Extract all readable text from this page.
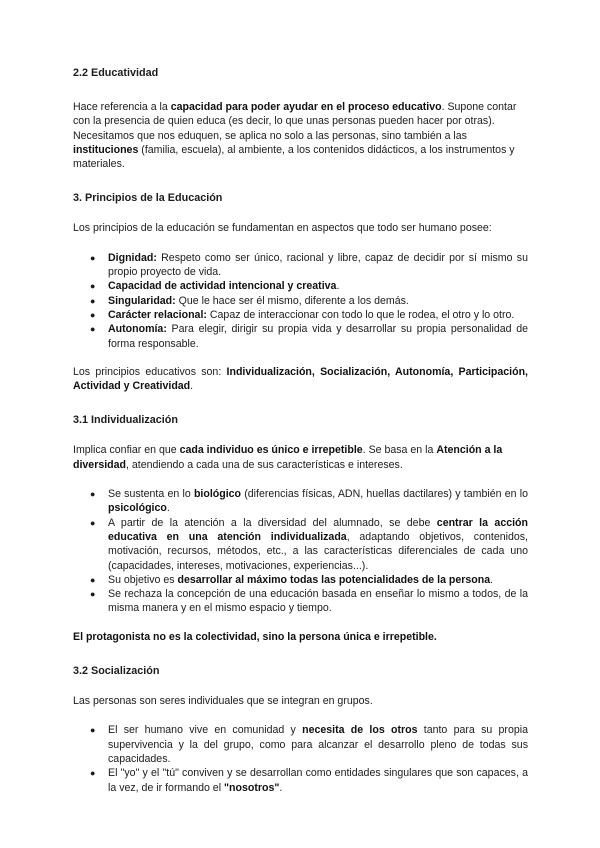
2.2 Educatividad

Hace referencia a la capacidad para poder ayudar en el proceso educativo. Supone contar con la presencia de quien educa (es decir, lo que unas personas pueden hacer por otras). Necesitamos que nos eduquen, se aplica no solo a las personas, sino también a las instituciones (familia, escuela), al ambiente, a los contenidos didácticos, a los instrumentos y materiales.

3. Principios de la Educación

Los principios de la educación se fundamentan en aspectos que todo ser humano posee:

● Dignidad: Respeto como ser único, racional y libre, capaz de decidir por sí mismo su propio proyecto de vida.
● Capacidad de actividad intencional y creativa.
● Singularidad: Que le hace ser él mismo, diferente a los demás.
● Carácter relacional: Capaz de interaccionar con todo lo que le rodea, el otro y lo otro.
● Autonomía: Para elegir, dirigir su propia vida y desarrollar su propia personalidad de forma responsable.

Los principios educativos son: Individualización, Socialización, Autonomía, Participación, Actividad y Creatividad.

3.1 Individualización

Implica confiar en que cada individuo es único e irrepetible. Se basa en la Atención a la diversidad, atendiendo a cada una de sus características e intereses.

● Se sustenta en lo biológico (diferencias físicas, ADN, huellas dactilares) y también en lo psicológico.
● A partir de la atención a la diversidad del alumnado, se debe centrar la acción educativa en una atención individualizada, adaptando objetivos, contenidos, motivación, recursos, métodos, etc., a las características diferenciales de cada uno (capacidades, intereses, motivaciones, experiencias...).
● Su objetivo es desarrollar al máximo todas las potencialidades de la persona.
● Se rechaza la concepción de una educación basada en enseñar lo mismo a todos, de la misma manera y en el mismo espacio y tiempo.

El protagonista no es la colectividad, sino la persona única e irrepetible.

3.2 Socialización

Las personas son seres individuales que se integran en grupos.

● El ser humano vive en comunidad y necesita de los otros tanto para su propia supervivencia y la del grupo, como para alcanzar el desarrollo pleno de todas sus capacidades.
● El "yo" y el "tú" conviven y se desarrollan como entidades singulares que son capaces, a la vez, de ir formando el "nosotros".
